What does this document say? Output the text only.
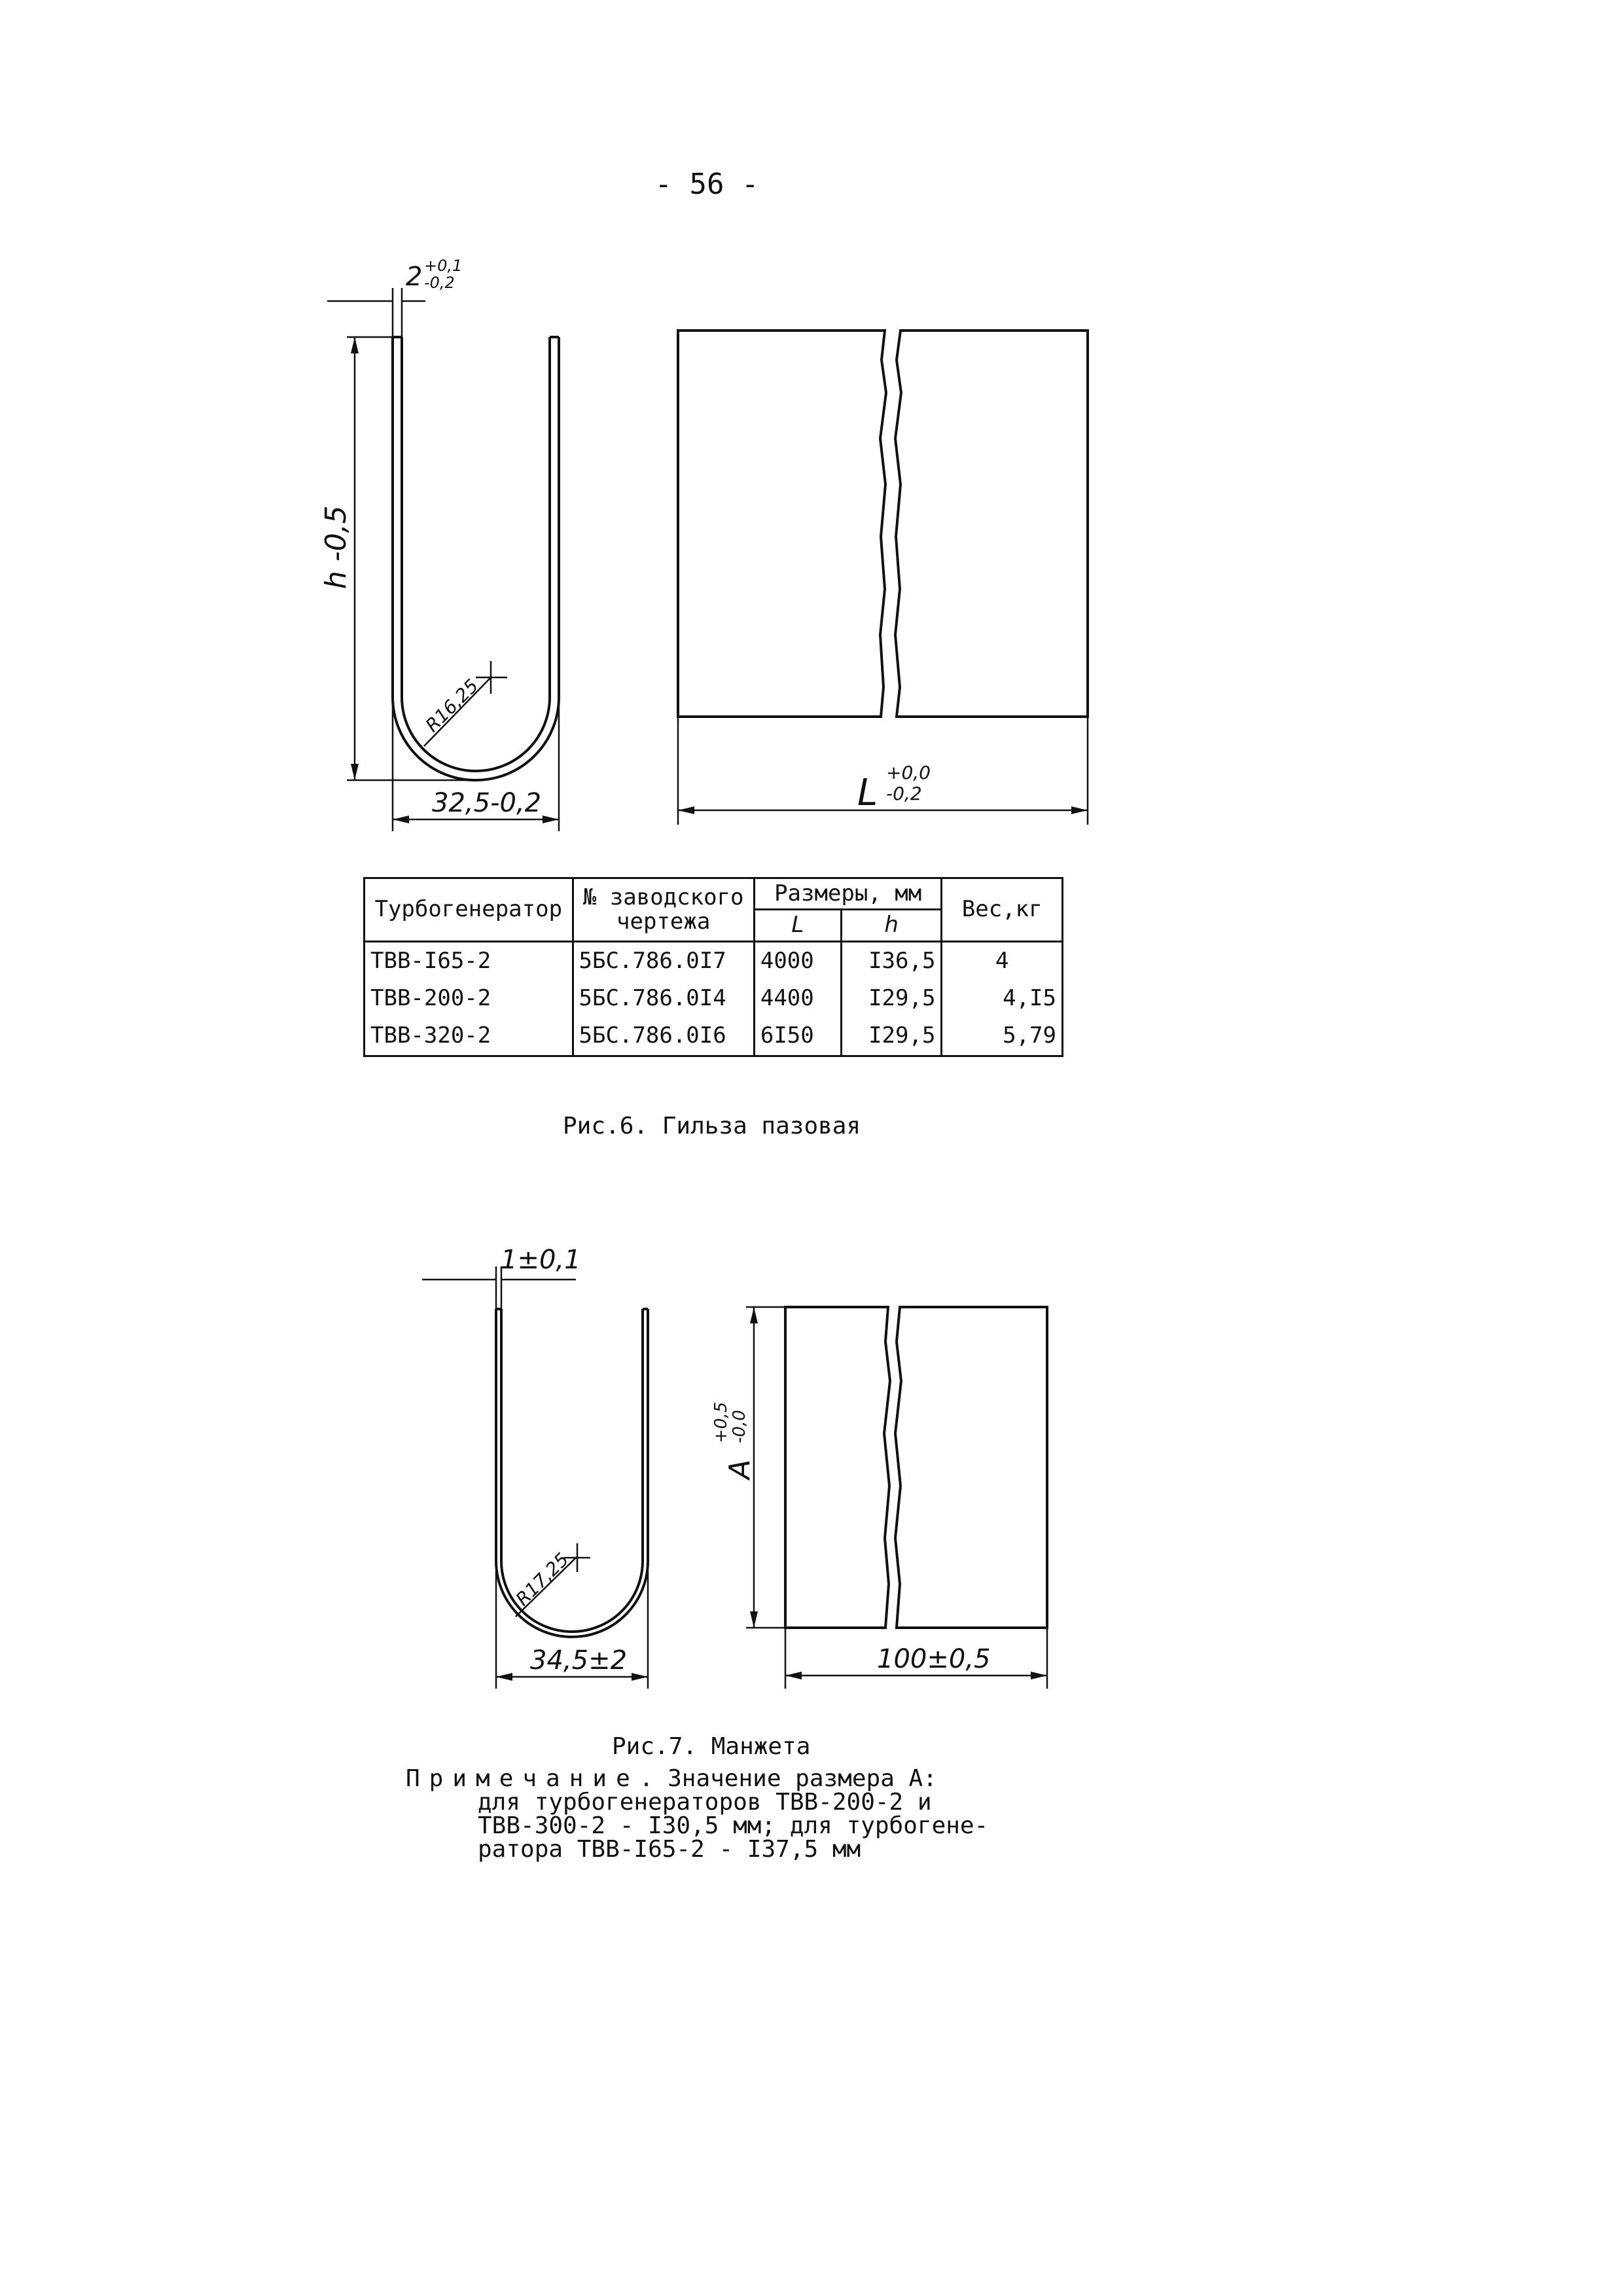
- 56 -
2 +0,1
-0,2
h -0,5
R16,25
32,5-0,2	L +0,0
-0,2
Турбогенератор	№ заводского чертежа	Размеры, мм		Вес,кг
		L	h	
ТВВ-I65-2	5БС.786.0I7	4000	I36,5	4
ТВВ-200-2	5БС.786.0I4	4400	I29,5	4,I5
ТВВ-320-2	5БС.786.0I6	6I50	I29,5	5,79
Рис.6. Гильза пазовая
1±0,1
R17,25
34,5±2
A
+0,5
-0,0
100±0,5
Рис.7. Манжета
Примечание. Значение размера А:
для турбогенераторов ТВВ-200-2 и
ТВВ-300-2 - I30,5 мм; для турбогене-
ратора ТВВ-I65-2 - I37,5 мм
